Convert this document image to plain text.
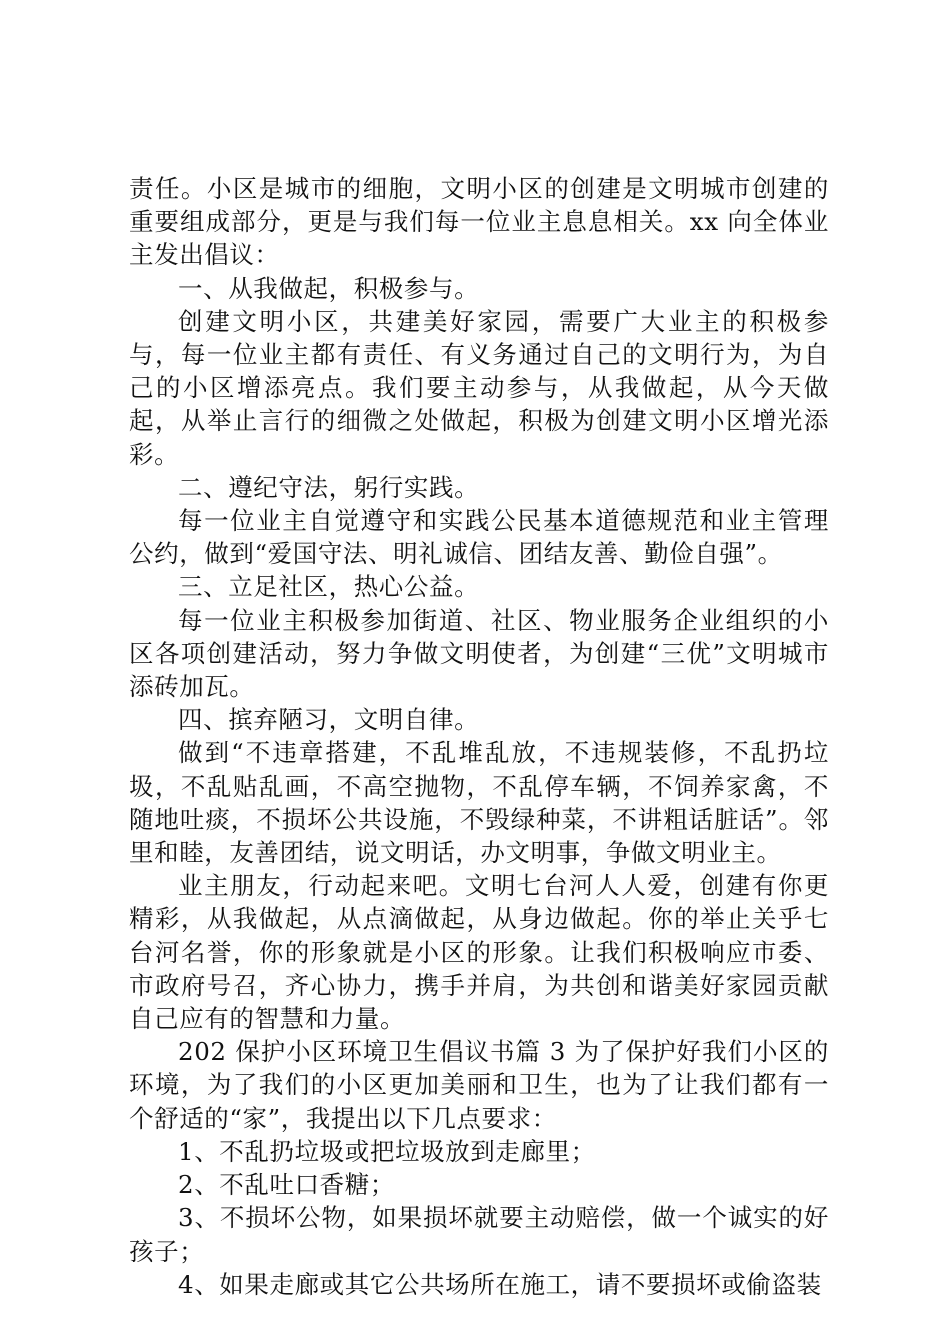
责任。小区是城市的细胞，文明小区的创建是文明城市创建的重要组成部分，更是与我们每一位业主息息相关。xx 向全体业主发出倡议：

一、从我做起，积极参与。

创建文明小区，共建美好家园，需要广大业主的积极参与，每一位业主都有责任、有义务通过自己的文明行为，为自己的小区增添亮点。我们要主动参与，从我做起，从今天做起，从举止言行的细微之处做起，积极为创建文明小区增光添彩。

二、遵纪守法，躬行实践。

每一位业主自觉遵守和实践公民基本道德规范和业主管理公约，做到“爱国守法、明礼诚信、团结友善、勤俭自强”。

三、立足社区，热心公益。

每一位业主积极参加街道、社区、物业服务企业组织的小区各项创建活动，努力争做文明使者，为创建“三优”文明城市添砖加瓦。

四、摈弃陋习，文明自律。

做到“不违章搭建，不乱堆乱放，不违规装修，不乱扔垃圾，不乱贴乱画，不高空抛物，不乱停车辆，不饲养家禽，不随地吐痰，不损坏公共设施，不毁绿种菜，不讲粗话脏话”。邻里和睦，友善团结，说文明话，办文明事，争做文明业主。

业主朋友，行动起来吧。文明七台河人人爱，创建有你更精彩，从我做起，从点滴做起，从身边做起。你的举止关乎七台河名誉，你的形象就是小区的形象。让我们积极响应市委、市政府号召，齐心协力，携手并肩，为共创和谐美好家园贡献自己应有的智慧和力量。

202 保护小区环境卫生倡议书篇 3 为了保护好我们小区的环境，为了我们的小区更加美丽和卫生，也为了让我们都有一个舒适的“家”，我提出以下几点要求：

1、不乱扔垃圾或把垃圾放到走廊里；

2、不乱吐口香糖；

3、不损坏公物，如果损坏就要主动赔偿，做一个诚实的好孩子；

4、如果走廊或其它公共场所在施工，请不要损坏或偷盗装
